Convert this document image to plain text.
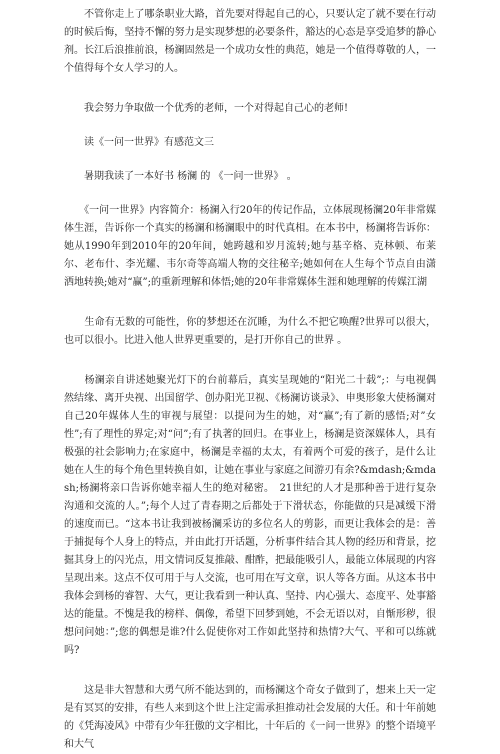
　　不管你走上了哪条职业大路，首先要对得起自己的心，只要认定了就不要在行动的时候后悔，坚持不懈的努力是实现梦想的必要条件，豁达的心态是享受追梦的静心剂。长江后浪推前浪，杨澜固然是一个成功女性的典范，她是一个值得尊敬的人，一个值得每个女人学习的人。

　　我会努力争取做一个优秀的老师，一个对得起自己心的老师!

　　读《一问一世界》有感范文三

　　暑期我读了一本好书 杨澜 的 《一问一世界》 。

　　《一问一世界》内容简介：杨澜入行20年的传记作品，立体展现杨澜20年非常媒体生涯，告诉你一个真实的杨澜和杨澜眼中的时代真相。在本书中，杨澜将告诉你：她从1990年到2010年的20年间，她跨越和岁月流转;她与基辛格、克林顿、布莱尔、老布什、李光耀、韦尔奇等高端人物的交往秘辛;她如何在人生每个节点自由潇洒地转换;她对“赢”;的重新理解和体悟;她的20年非常媒体生涯和她理解的传媒江湖

　　生命有无数的可能性，你的梦想还在沉睡，为什么不把它唤醒?世界可以很大，也可以很小。比进入他人世界更重要的，是打开你自己的世界 。

　　杨澜亲自讲述她聚光灯下的台前幕后，真实呈现她的“阳光二十载”;：与电视偶然结缘、离开央视、出国留学、创办阳光卫视、《杨澜访谈录》、申奥形象大使杨澜对自己20年媒体人生的审视与展望：以提问为生的她，对“赢”;有了新的感悟;对”女性”;有了理性的界定;对“问”;有了执著的回归。在事业上，杨澜是资深媒体人，具有极强的社会影响力;在家庭中，杨澜是幸福的太太，有着两个可爱的孩子，是什么让她在人生的每个角色里转换自如，让她在事业与家庭之间游刃有余?&mdash;&mdash;杨澜将亲口告诉你她幸福人生的绝对秘密。　21世纪的人才是那种善于进行复杂沟通和交流的人。”;每个人过了青春期之后都处于下滑状态，你能做的只是减缓下滑的速度而已。“这本书让我到被杨澜采访的多位名人的剪影，而更让我体会的是：善于捕捉每个人身上的特点，并由此打开话题，分析事件结合其人物的经历和背景，挖掘其身上的闪光点，用文情词反复推敲、酣酢，把最能吸引人，最能立体展现的内容呈现出来。这点不仅可用于与人交流，也可用在写文章，识人等各方面。从这本书中我体会到杨的睿智、大气，更让我看到一种认真、坚持、内心强大、态度平、处事豁达的能量。不愧是我的榜样、偶像，希望下回梦到她，不会无语以对，自惭形秽，很想问问她：”;您的偶想是谁?什么促使你对工作如此坚持和热情?大气、平和可以练就吗?

　　这是非大智慧和大勇气所不能达到的，而杨澜这个奇女子做到了，想来上天一定是有冥冥的安排，有些人来到这个世上注定需承担推动社会发展的大任。和十年前她的《凭海凌风》中带有少年狂傲的文字相比，十年后的《一问一世界》的整个语境平和大气
